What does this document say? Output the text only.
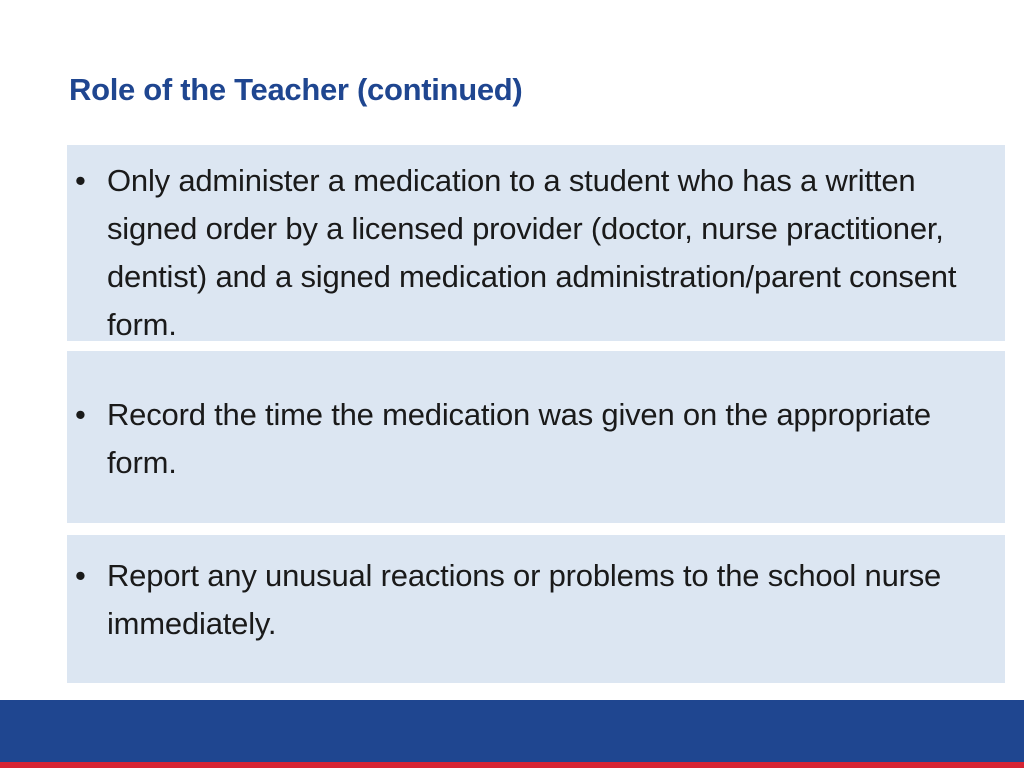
Role of the Teacher (continued)
• Only administer a medication to a student who has a written signed order by a licensed provider (doctor, nurse practitioner, dentist) and a signed medication administration/parent consent form.
• Record the time the medication was given on the appropriate form.
• Report any unusual reactions or problems to the school nurse immediately.
